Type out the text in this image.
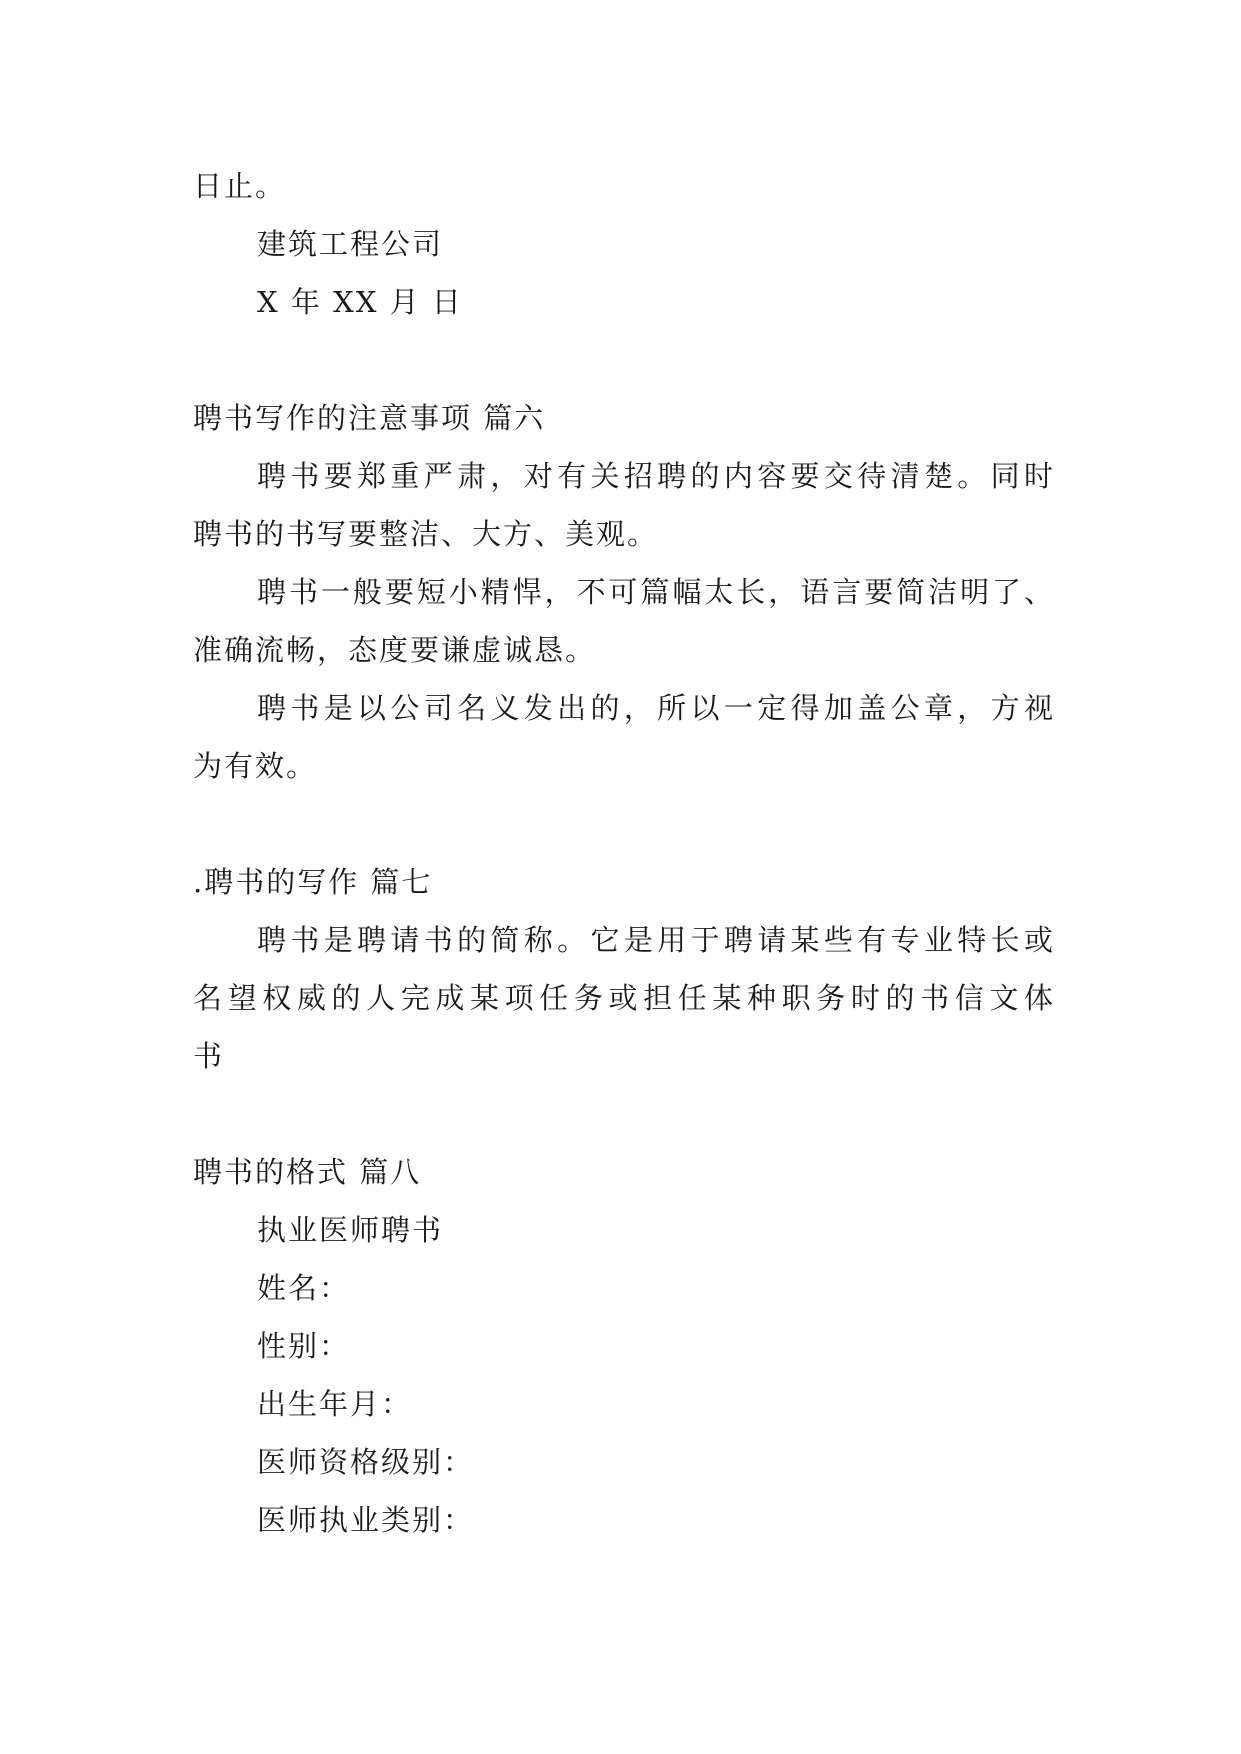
日止。
建筑工程公司
X 年 XX 月 日
聘书写作的注意事项 篇六
聘书要郑重严肃，对有关招聘的内容要交待清楚。同时
聘书的书写要整洁、大方、美观。
聘书一般要短小精悍，不可篇幅太长，语言要简洁明了、
准确流畅，态度要谦虚诚恳。
聘书是以公司名义发出的，所以一定得加盖公章，方视
为有效。
.聘书的写作 篇七
聘书是聘请书的简称。它是用于聘请某些有专业特长或
名望权威的人完成某项任务或担任某种职务时的书信文体
书
聘书的格式 篇八
执业医师聘书
姓名：
性别：
出生年月：
医师资格级别：
医师执业类别：
